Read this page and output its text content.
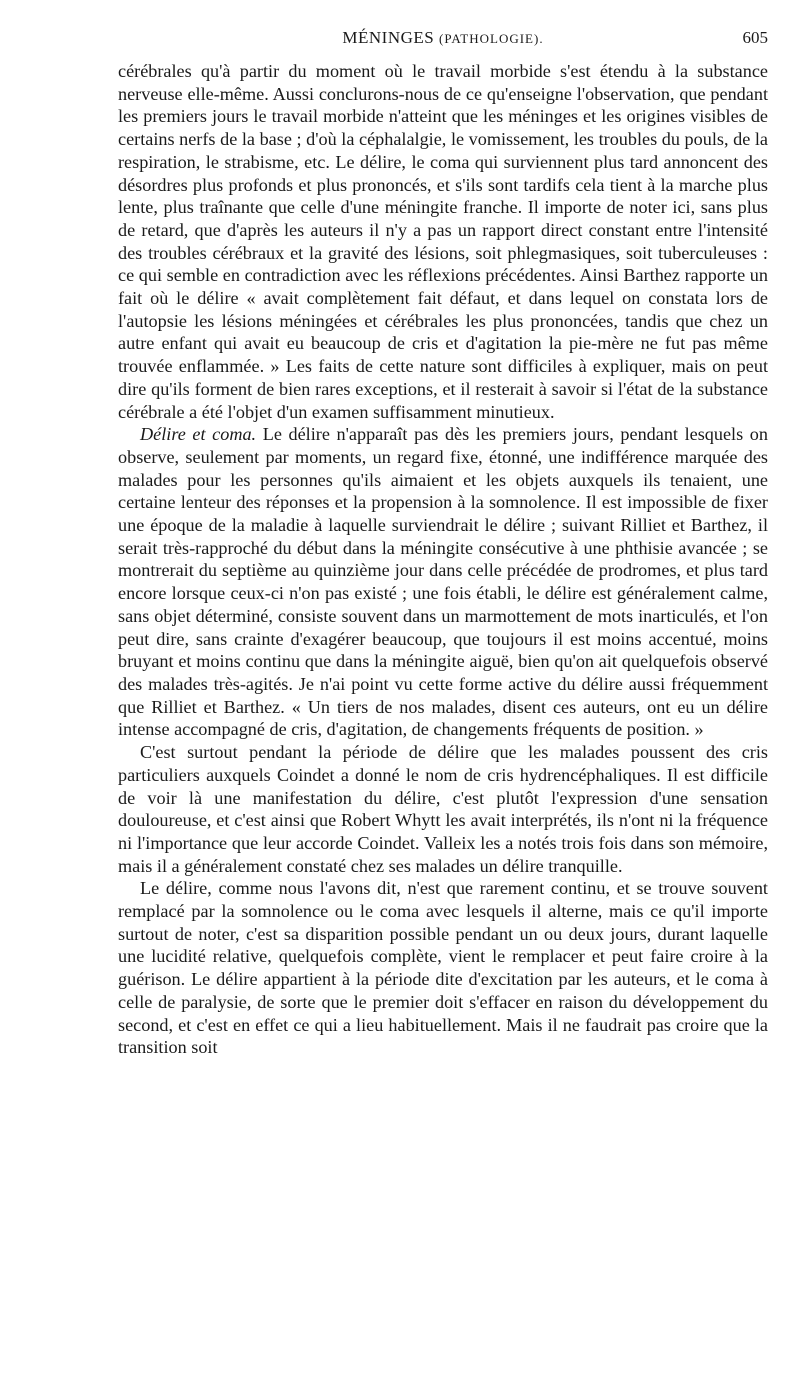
MÉNINGES (PATHOLOGIE).	605

cérébrales qu'à partir du moment où le travail morbide s'est étendu à la substance nerveuse elle-même. Aussi conclurons-nous de ce qu'enseigne l'observation, que pendant les premiers jours le travail morbide n'atteint que les méninges et les origines visibles de certains nerfs de la base ; d'où la céphalalgie, le vomissement, les troubles du pouls, de la respiration, le strabisme, etc. Le délire, le coma qui surviennent plus tard annoncent des désordres plus profonds et plus prononcés, et s'ils sont tardifs cela tient à la marche plus lente, plus traînante que celle d'une méningite franche. Il importe de noter ici, sans plus de retard, que d'après les auteurs il n'y a pas un rapport direct constant entre l'intensité des troubles cérébraux et la gravité des lésions, soit phlegmasiques, soit tuberculeuses : ce qui semble en contradiction avec les réflexions précédentes. Ainsi Barthez rapporte un fait où le délire « avait complètement fait défaut, et dans lequel on constata lors de l'autopsie les lésions méningées et cérébrales les plus prononcées, tandis que chez un autre enfant qui avait eu beaucoup de cris et d'agitation la pie-mère ne fut pas même trouvée enflammée. » Les faits de cette nature sont difficiles à expliquer, mais on peut dire qu'ils forment de bien rares exceptions, et il resterait à savoir si l'état de la substance cérébrale a été l'objet d'un examen suffisamment minutieux.

Délire et coma. Le délire n'apparaît pas dès les premiers jours, pendant lesquels on observe, seulement par moments, un regard fixe, étonné, une indifférence marquée des malades pour les personnes qu'ils aimaient et les objets auxquels ils tenaient, une certaine lenteur des réponses et la propension à la somnolence. Il est impossible de fixer une époque de la maladie à laquelle surviendrait le délire ; suivant Rilliet et Barthez, il serait très-rapproché du début dans la méningite consécutive à une phthisie avancée ; se montrerait du septième au quinzième jour dans celle précédée de prodromes, et plus tard encore lorsque ceux-ci n'on pas existé ; une fois établi, le délire est généralement calme, sans objet déterminé, consiste souvent dans un marmottement de mots inarticulés, et l'on peut dire, sans crainte d'exagérer beaucoup, que toujours il est moins accentué, moins bruyant et moins continu que dans la méningite aiguë, bien qu'on ait quelquefois observé des malades très-agités. Je n'ai point vu cette forme active du délire aussi fréquemment que Rilliet et Barthez. « Un tiers de nos malades, disent ces auteurs, ont eu un délire intense accompagné de cris, d'agitation, de changements fréquents de position. »

C'est surtout pendant la période de délire que les malades poussent des cris particuliers auxquels Coindet a donné le nom de cris hydrencéphaliques. Il est difficile de voir là une manifestation du délire, c'est plutôt l'expression d'une sensation douloureuse, et c'est ainsi que Robert Whytt les avait interprétés, ils n'ont ni la fréquence ni l'importance que leur accorde Coindet. Valleix les a notés trois fois dans son mémoire, mais il a généralement constaté chez ses malades un délire tranquille.

Le délire, comme nous l'avons dit, n'est que rarement continu, et se trouve souvent remplacé par la somnolence ou le coma avec lesquels il alterne, mais ce qu'il importe surtout de noter, c'est sa disparition possible pendant un ou deux jours, durant laquelle une lucidité relative, quelquefois complète, vient le remplacer et peut faire croire à la guérison. Le délire appartient à la période dite d'excitation par les auteurs, et le coma à celle de paralysie, de sorte que le premier doit s'effacer en raison du développement du second, et c'est en effet ce qui a lieu habituellement. Mais il ne faudrait pas croire que la transition soit
